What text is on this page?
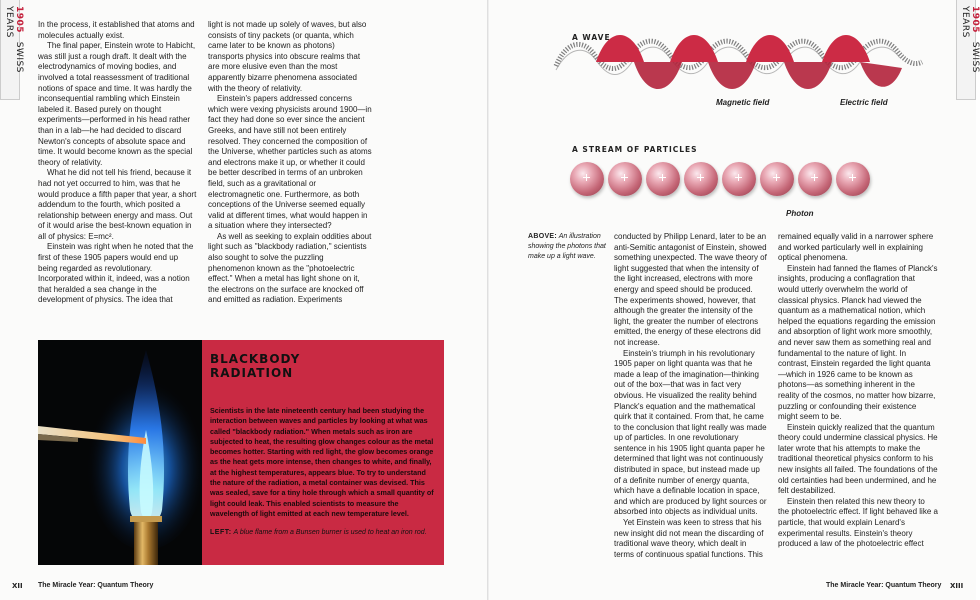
1905 SWISS YEARS	1905 SWISS YEARS

In the process, it established that atoms and molecules actually exist.

The final paper, Einstein wrote to Habicht, was still just a rough draft. It dealt with the electrodynamics of moving bodies, and involved a total reassessment of traditional notions of space and time. It was hardly the inconsequential rambling which Einstein labeled it. Based purely on thought experiments—performed in his head rather than in a lab—he had decided to discard Newton's concepts of absolute space and time. It would become known as the special theory of relativity.

What he did not tell his friend, because it had not yet occurred to him, was that he would produce a fifth paper that year, a short addendum to the fourth, which posited a relationship between energy and mass. Out of it would arise the best-known equation in all of physics: E=mc².

Einstein was right when he noted that the first of these 1905 papers would end up being regarded as revolutionary. Incorporated within it, indeed, was a notion that heralded a sea change in the development of physics. The idea that

light is not made up solely of waves, but also consists of tiny packets (or quanta, which came later to be known as photons) transports physics into obscure realms that are more elusive even than the most apparently bizarre phenomena associated with the theory of relativity.

Einstein's papers addressed concerns which were vexing physicists around 1900—in fact they had done so ever since the ancient Greeks, and have still not been entirely resolved. They concerned the composition of the Universe, whether particles such as atoms and electrons make it up, or whether it could be better described in terms of an unbroken field, such as a gravitational or electromagnetic one. Furthermore, as both conceptions of the Universe seemed equally valid at different times, what would happen in a situation where they intersected?

As well as seeking to explain oddities about light such as "blackbody radiation," scientists also sought to solve the puzzling phenomenon known as the "photoelectric effect." When a metal has light shone on it, the electrons on the surface are knocked off and emitted as radiation. Experiments

BLACKBODY RADIATION
Scientists in the late nineteenth century had been studying the interaction between waves and particles by looking at what was called "blackbody radiation." When metals such as iron are subjected to heat, the resulting glow changes colour as the metal becomes hotter. Starting with red light, the glow becomes orange as the heat gets more intense, then changes to white, and finally, at the highest temperatures, appears blue. To try to understand the nature of the radiation, a metal container was devised. This was sealed, save for a tiny hole through which a small quantity of light could leak. This enabled scientists to measure the wavelength of light emitted at each new temperature level.
LEFT: A blue flame from a Bunsen burner is used to heat an iron rod.
XII The Miracle Year: Quantum Theory
A WAVE
Magnetic field	Electric field
A STREAM OF PARTICLES
Photon
ABOVE: An illustration showing the photons that make up a light wave.

conducted by Philipp Lenard, later to be an anti-Semitic antagonist of Einstein, showed something unexpected. The wave theory of light suggested that when the intensity of the light increased, electrons with more energy and speed should be produced. The experiments showed, however, that although the greater the intensity of the light, the greater the number of electrons emitted, the energy of these electrons did not increase.

Einstein's triumph in his revolutionary 1905 paper on light quanta was that he made a leap of the imagination—thinking out of the box—that was in fact very obvious. He visualized the reality behind Planck's equation and the mathematical quirk that it contained. From that, he came to the conclusion that light really was made up of particles. In one revolutionary sentence in his 1905 light quanta paper he determined that light was not continuously distributed in space, but instead made up of a definite number of energy quanta, which have a definable location in space, and which are produced by light sources or absorbed into objects as individual units.

Yet Einstein was keen to stress that his new insight did not mean the discarding of traditional wave theory, which dealt in terms of continuous spatial functions. This

remained equally valid in a narrower sphere and worked particularly well in explaining optical phenomena.

Einstein had fanned the flames of Planck's insights, producing a conflagration that would utterly overwhelm the world of classical physics. Planck had viewed the quantum as a mathematical notion, which helped the equations regarding the emission and absorption of light work more smoothly, and never saw them as something real and fundamental to the nature of light. In contrast, Einstein regarded the light quanta—which in 1926 came to be known as photons—as something inherent in the reality of the cosmos, no matter how bizarre, puzzling or confounding their existence might seem to be.

Einstein quickly realized that the quantum theory could undermine classical physics. He later wrote that his attempts to make the traditional theoretical physics conform to his new insights all failed. The foundations of the old certainties had been undermined, and he felt destabilized.

Einstein then related this new theory to the photoelectric effect. If light behaved like a particle, that would explain Lenard's experimental results. Einstein's theory produced a law of the photoelectric effect

The Miracle Year: Quantum Theory XIII
